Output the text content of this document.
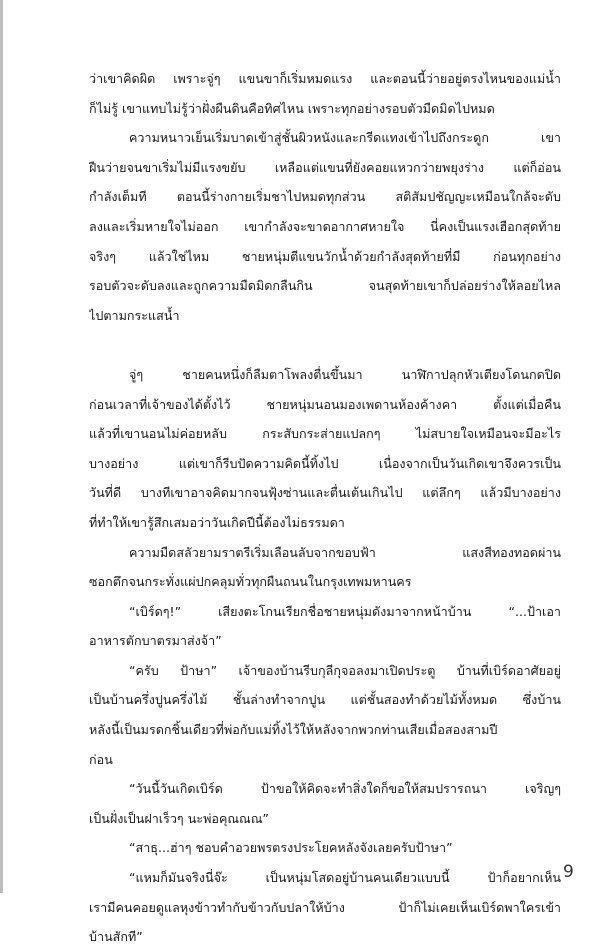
ว่าเขาคิดผิด เพราะจู่ๆ แขนขาก็เริ่มหมดแรง และตอนนี้ว่ายอยู่ตรงไหนของแม่น้ำ
ก็ไม่รู้ เขาแทบไม่รู้ว่าฝั่งผืนดินคือทิศไหน เพราะทุกอย่างรอบตัวมืดมิดไปหมด
ความหนาวเย็นเริ่มบาดเข้าสู่ชั้นผิวหนังและกรีดแทงเข้าไปถึงกระดูก เขา
ฝืนว่ายจนขาเริ่มไม่มีแรงขยับ เหลือแต่แขนที่ยังคอยแหวกว่ายพยุงร่าง แต่ก็อ่อน
กำลังเต็มที ตอนนี้ร่างกายเริ่มชาไปหมดทุกส่วน สติสัมปชัญญะเหมือนใกล้จะดับ
ลงและเริ่มหายใจไม่ออก เขากำลังจะขาดอากาศหายใจ นี่คงเป็นแรงเฮือกสุดท้าย
จริงๆ แล้วใช่ไหม ชายหนุ่มตีแขนวักน้ำด้วยกำลังสุดท้ายที่มี ก่อนทุกอย่าง
รอบตัวจะดับลงและถูกความมืดมิดกลืนกิน จนสุดท้ายเขาก็ปล่อยร่างให้ลอยไหล
ไปตามกระแสน้ำ
จู่ๆ ชายคนหนึ่งก็ลืมตาโพลงตื่นขึ้นมา นาฬิกาปลุกหัวเตียงโดนกดปิด
ก่อนเวลาที่เจ้าของได้ตั้งไว้ ชายหนุ่มนอนมองเพดานห้องค้างคา ตั้งแต่เมื่อคืน
แล้วที่เขานอนไม่ค่อยหลับ กระสับกระส่ายแปลกๆ ไม่สบายใจเหมือนจะมีอะไร
บางอย่าง แต่เขาก็รีบปัดความคิดนี้ทิ้งไป เนื่องจากเป็นวันเกิดเขาจึงควรเป็น
วันที่ดี บางทีเขาอาจคิดมากจนฟุ้งซ่านและตื่นเต้นเกินไป แต่ลึกๆ แล้วมีบางอย่าง
ที่ทำให้เขารู้สึกเสมอว่าวันเกิดปีนี้ต้องไม่ธรรมดา
ความมืดสลัวยามราตรีเริ่มเลือนลับจากขอบฟ้า แสงสีทองทอดผ่าน
ซอกตึกจนกระทั่งแผ่ปกคลุมทั่วทุกผืนถนนในกรุงเทพมหานคร
“เบิร์ดๆ!” เสียงตะโกนเรียกชื่อชายหนุ่มดังมาจากหน้าบ้าน “...ป้าเอา
อาหารตักบาตรมาส่งจ้า”
“ครับ ป้าษา” เจ้าของบ้านรีบกุลีกุจอลงมาเปิดประตู บ้านที่เบิร์ดอาศัยอยู่
เป็นบ้านครึ่งปูนครึ่งไม้ ชั้นล่างทำจากปูน แต่ชั้นสองทำด้วยไม้ทั้งหมด ซึ่งบ้าน
หลังนี้เป็นมรดกชิ้นเดียวที่พ่อกับแม่ทิ้งไว้ให้หลังจากพวกท่านเสียเมื่อสองสามปี
ก่อน
“วันนี้วันเกิดเบิร์ด ป้าขอให้คิดจะทำสิ่งใดก็ขอให้สมปรารถนา เจริญๆ
เป็นฝั่งเป็นฝาเร็วๆ นะพ่อคุณณณ”
“สาธุ...ฮ่าๆ ชอบคำอวยพรตรงประโยคหลังจังเลยครับป้าษา”
“แหมก็มันจริงนี่จ๊ะ เป็นหนุ่มโสดอยู่บ้านคนเดียวแบบนี้ ป้าก็อยากเห็น
เรามีคนคอยดูแลหุงข้าวทำกับข้าวกับปลาให้บ้าง ป้าก็ไม่เคยเห็นเบิร์ดพาใครเข้า
บ้านสักที”
9
